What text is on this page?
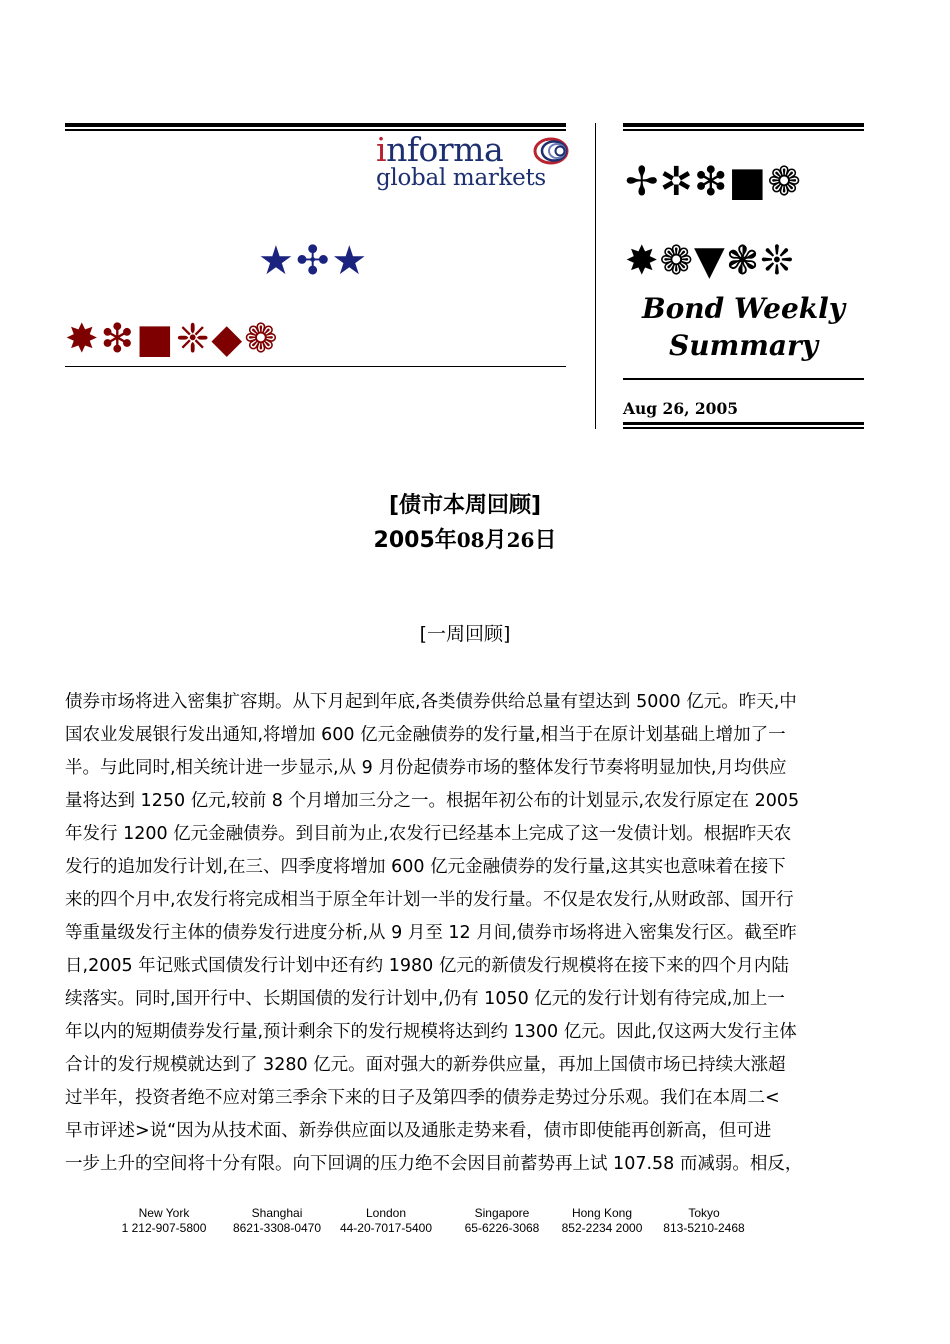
informa
global markets
★✣★
✸❇■❈◆❁
✢✲❇■❁
✸❁▼❃❊
Bond Weekly
Summary
Aug 26, 2005
[债市本周回顾]
2005年08月26日
[一周回顾]
债券市场将进入密集扩容期。从下月起到年底,各类债券供给总量有望达到 5000 亿元。昨天,中
国农业发展银行发出通知,将增加 600 亿元金融债券的发行量,相当于在原计划基础上增加了一
半。与此同时,相关统计进一步显示,从 9 月份起债券市场的整体发行节奏将明显加快,月均供应
量将达到 1250 亿元,较前 8 个月增加三分之一。根据年初公布的计划显示,农发行原定在 2005
年发行 1200 亿元金融债券。到目前为止,农发行已经基本上完成了这一发债计划。根据昨天农
发行的追加发行计划,在三、四季度将增加 600 亿元金融债券的发行量,这其实也意味着在接下
来的四个月中,农发行将完成相当于原全年计划一半的发行量。不仅是农发行,从财政部、国开行
等重量级发行主体的债券发行进度分析,从 9 月至 12 月间,债券市场将进入密集发行区。截至昨
日,2005 年记账式国债发行计划中还有约 1980 亿元的新债发行规模将在接下来的四个月内陆
续落实。同时,国开行中、长期国债的发行计划中,仍有 1050 亿元的发行计划有待完成,加上一
年以内的短期债券发行量,预计剩余下的发行规模将达到约 1300 亿元。因此,仅这两大发行主体
合计的发行规模就达到了 3280 亿元。面对强大的新券供应量，再加上国债市场已持续大涨超
过半年，投资者绝不应对第三季余下来的日子及第四季的债券走势过分乐观。我们在本周二<
早市评述>说“因为从技术面、新券供应面以及通胀走势来看，债市即使能再创新高，但可进
一步上升的空间将十分有限。向下回调的压力绝不会因目前蓄势再上试 107.58 而减弱。相反，
New York
1 212-907-5800
Shanghai
8621-3308-0470
London
44-20-7017-5400
Singapore
65-6226-3068
Hong Kong
852-2234 2000
Tokyo
813-5210-2468
